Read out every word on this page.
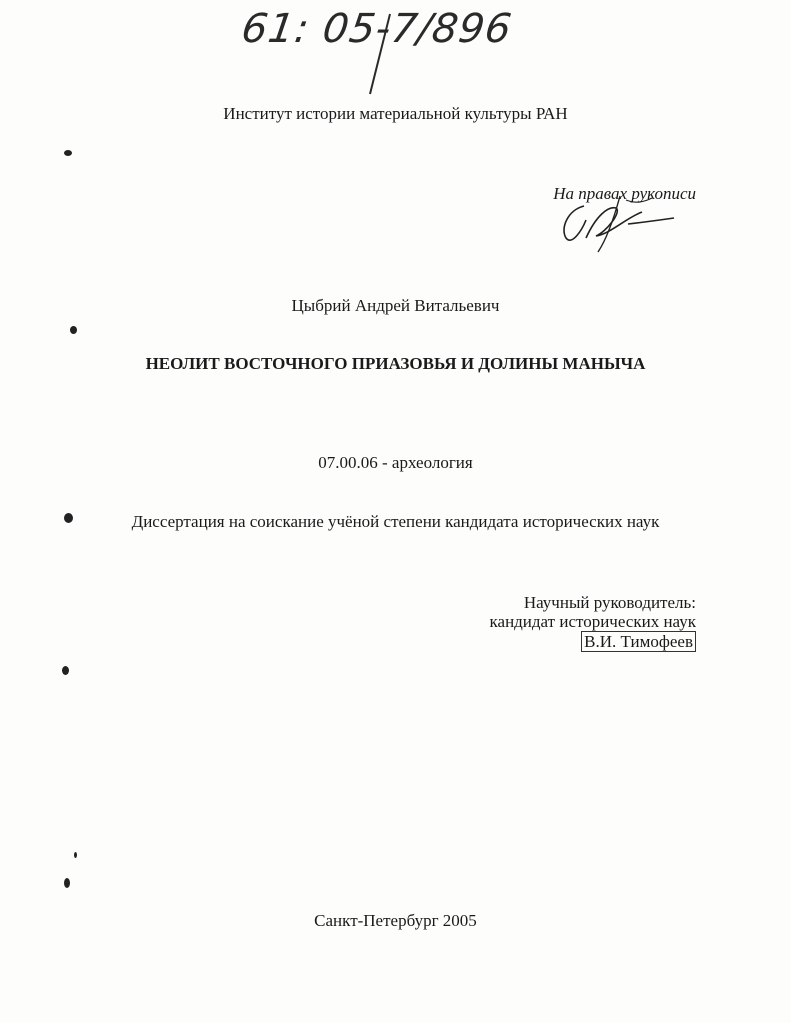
61: 05-7/896
Институт истории материальной культуры РАН
На правах рукописи
Цыбрий Андрей Витальевич
НЕОЛИТ ВОСТОЧНОГО ПРИАЗОВЬЯ И ДОЛИНЫ МАНЫЧА
07.00.06 - археология
Диссертация на соискание учёной степени кандидата исторических наук
Научный руководитель:
кандидат исторических наук
В.И. Тимофеев
Санкт-Петербург 2005
